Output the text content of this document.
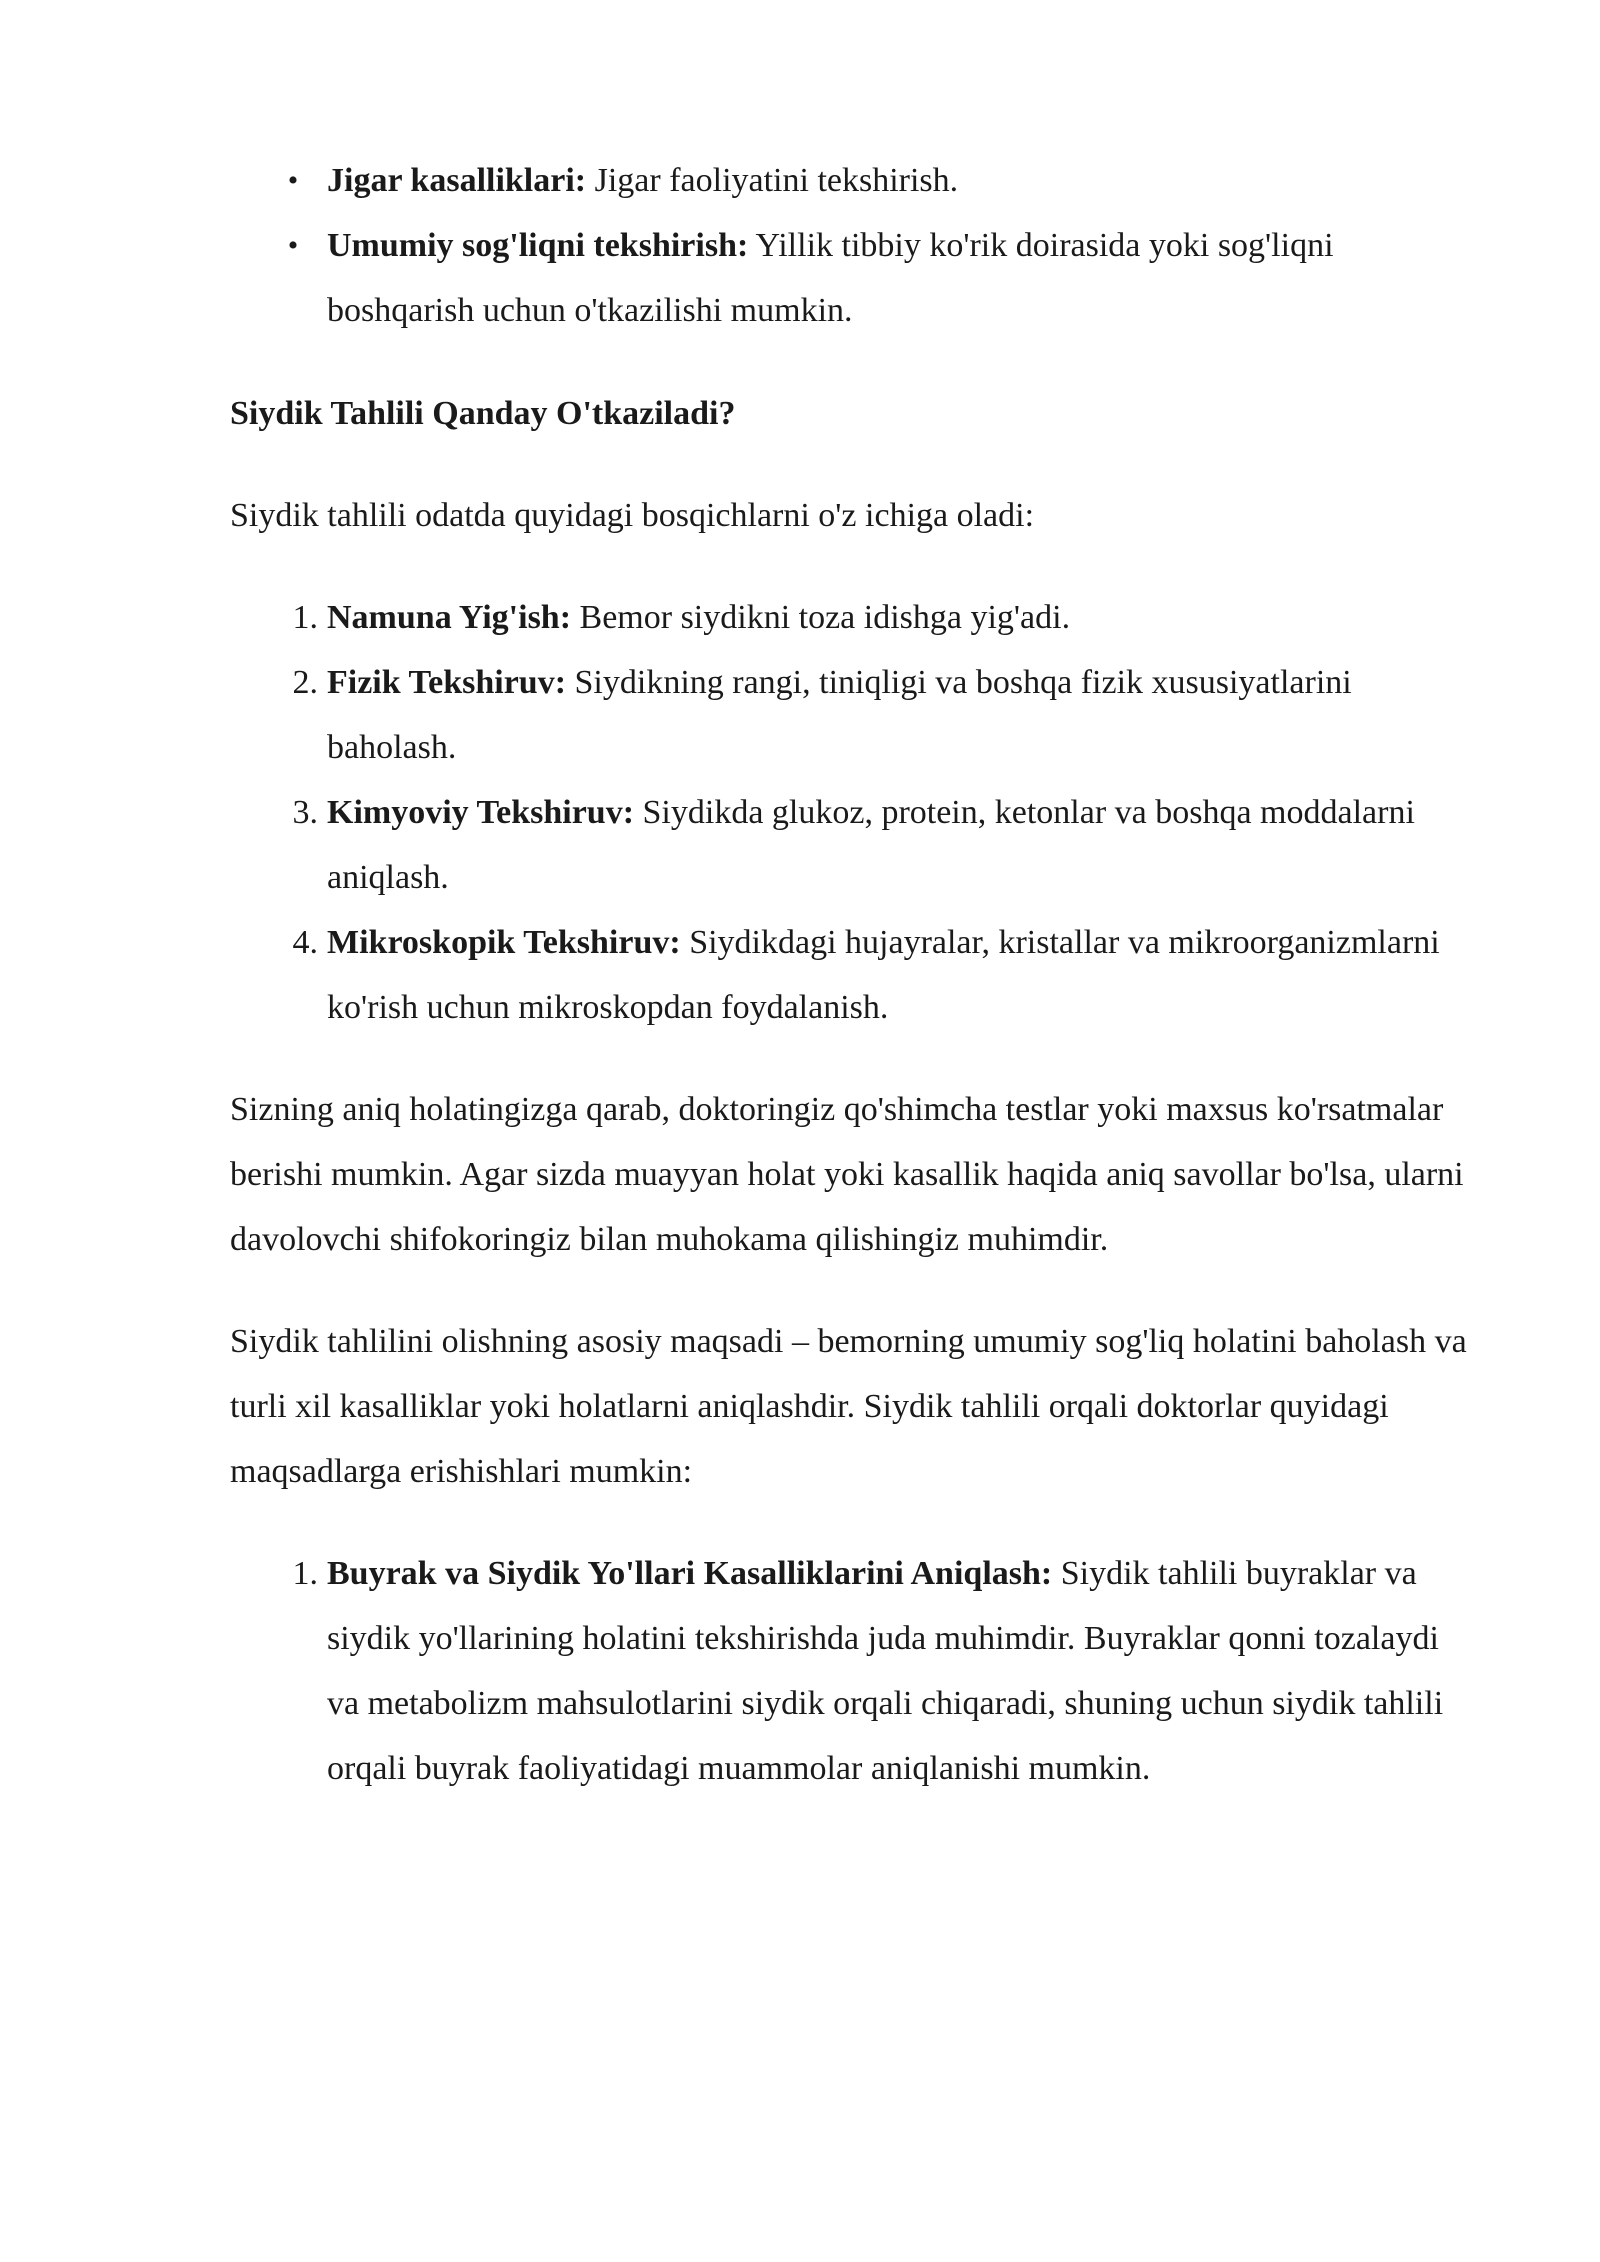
• Jigar kasalliklari: Jigar faoliyatini tekshirish.
• Umumiy sog'liqni tekshirish: Yillik tibbiy ko'rik doirasida yoki sog'liqni boshqarish uchun o'tkazilishi mumkin.

Siydik Tahlili Qanday O'tkaziladi?

Siydik tahlili odatda quyidagi bosqichlarni o'z ichiga oladi:

1. Namuna Yig'ish: Bemor siydikni toza idishga yig'adi.
2. Fizik Tekshiruv: Siydikning rangi, tiniqligi va boshqa fizik xususiyatlarini baholash.
3. Kimyoviy Tekshiruv: Siydikda glukoz, protein, ketonlar va boshqa moddalarni aniqlash.
4. Mikroskopik Tekshiruv: Siydikdagi hujayralar, kristallar va mikroorganizmlarni ko'rish uchun mikroskopdan foydalanish.

Sizning aniq holatingizga qarab, doktoringiz qo'shimcha testlar yoki maxsus ko'rsatmalar berishi mumkin. Agar sizda muayyan holat yoki kasallik haqida aniq savollar bo'lsa, ularni davolovchi shifokoringiz bilan muhokama qilishingiz muhimdir.

Siydik tahlilini olishning asosiy maqsadi – bemorning umumiy sog'liq holatini baholash va turli xil kasalliklar yoki holatlarni aniqlashdir. Siydik tahlili orqali doktorlar quyidagi maqsadlarga erishishlari mumkin:

1. Buyrak va Siydik Yo'llari Kasalliklarini Aniqlash: Siydik tahlili buyraklar va siydik yo'llarining holatini tekshirishda juda muhimdir. Buyraklar qonni tozalaydi va metabolizm mahsulotlarini siydik orqali chiqaradi, shuning uchun siydik tahlili orqali buyrak faoliyatidagi muammolar aniqlanishi mumkin.
